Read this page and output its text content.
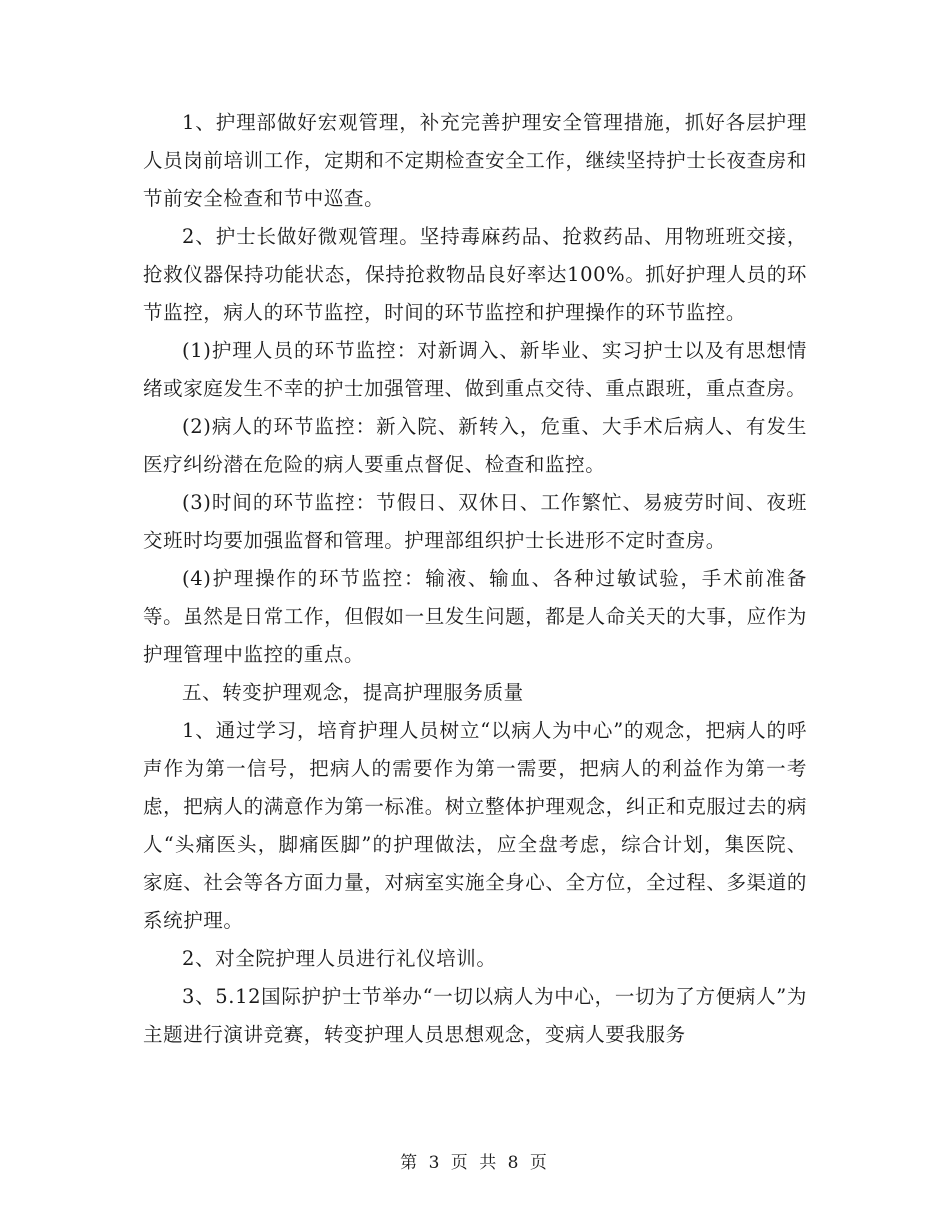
1、护理部做好宏观管理，补充完善护理安全管理措施，抓好各层护理人员岗前培训工作，定期和不定期检查安全工作，继续坚持护士长夜查房和节前安全检查和节中巡查。

2、护士长做好微观管理。坚持毒麻药品、抢救药品、用物班班交接，抢救仪器保持功能状态，保持抢救物品良好率达100%。抓好护理人员的环节监控，病人的环节监控，时间的环节监控和护理操作的环节监控。

(1)护理人员的环节监控：对新调入、新毕业、实习护士以及有思想情绪或家庭发生不幸的护士加强管理、做到重点交待、重点跟班，重点查房。

(2)病人的环节监控：新入院、新转入，危重、大手术后病人、有发生医疗纠纷潜在危险的病人要重点督促、检查和监控。

(3)时间的环节监控：节假日、双休日、工作繁忙、易疲劳时间、夜班交班时均要加强监督和管理。护理部组织护士长进形不定时查房。

(4)护理操作的环节监控：输液、输血、各种过敏试验，手术前准备等。虽然是日常工作，但假如一旦发生问题，都是人命关天的大事，应作为护理管理中监控的重点。

五、转变护理观念，提高护理服务质量

1、通过学习，培育护理人员树立“以病人为中心”的观念，把病人的呼声作为第一信号，把病人的需要作为第一需要，把病人的利益作为第一考虑，把病人的满意作为第一标准。树立整体护理观念，纠正和克服过去的病人“头痛医头，脚痛医脚”的护理做法，应全盘考虑，综合计划，集医院、家庭、社会等各方面力量，对病室实施全身心、全方位，全过程、多渠道的系统护理。

2、对全院护理人员进行礼仪培训。

3、5.12国际护护士节举办“一切以病人为中心，一切为了方便病人”为主题进行演讲竞赛，转变护理人员思想观念，变病人要我服务

第 3 页 共 8 页
